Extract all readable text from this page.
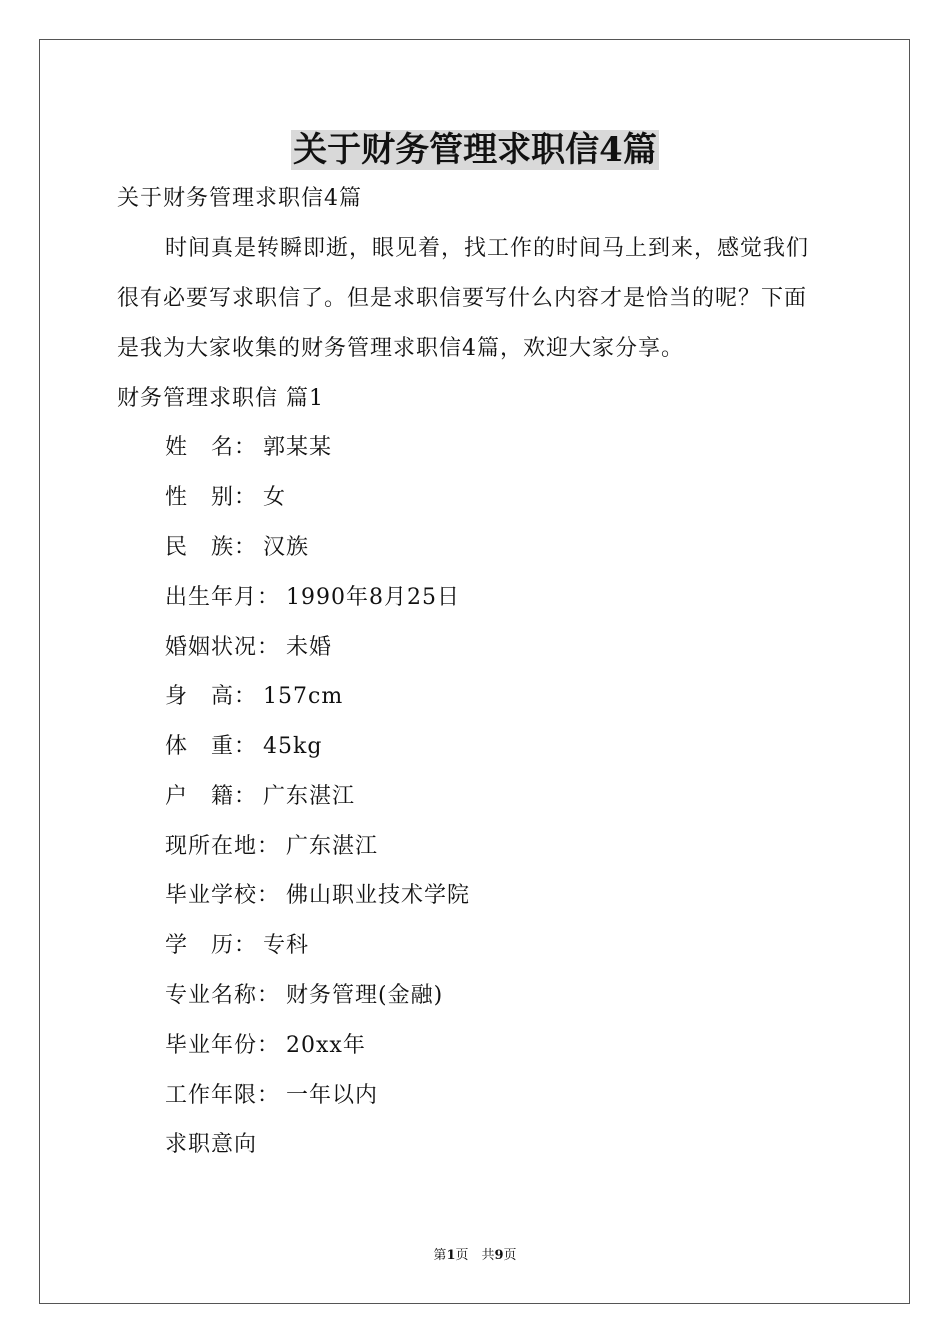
关于财务管理求职信4篇

关于财务管理求职信4篇

时间真是转瞬即逝，眼见着，找工作的时间马上到来，感觉我们

很有必要写求职信了。但是求职信要写什么内容才是恰当的呢？下面

是我为大家收集的财务管理求职信4篇，欢迎大家分享。

财务管理求职信 篇1

姓　名： 郭某某

性　别： 女

民　族： 汉族

出生年月： 1990年8月25日

婚姻状况： 未婚

身　高： 157cm

体　重： 45kg

户　籍： 广东湛江

现所在地： 广东湛江

毕业学校： 佛山职业技术学院

学　历： 专科

专业名称： 财务管理(金融)

毕业年份： 20xx年

工作年限： 一年以内

求职意向

第1页　共9页
